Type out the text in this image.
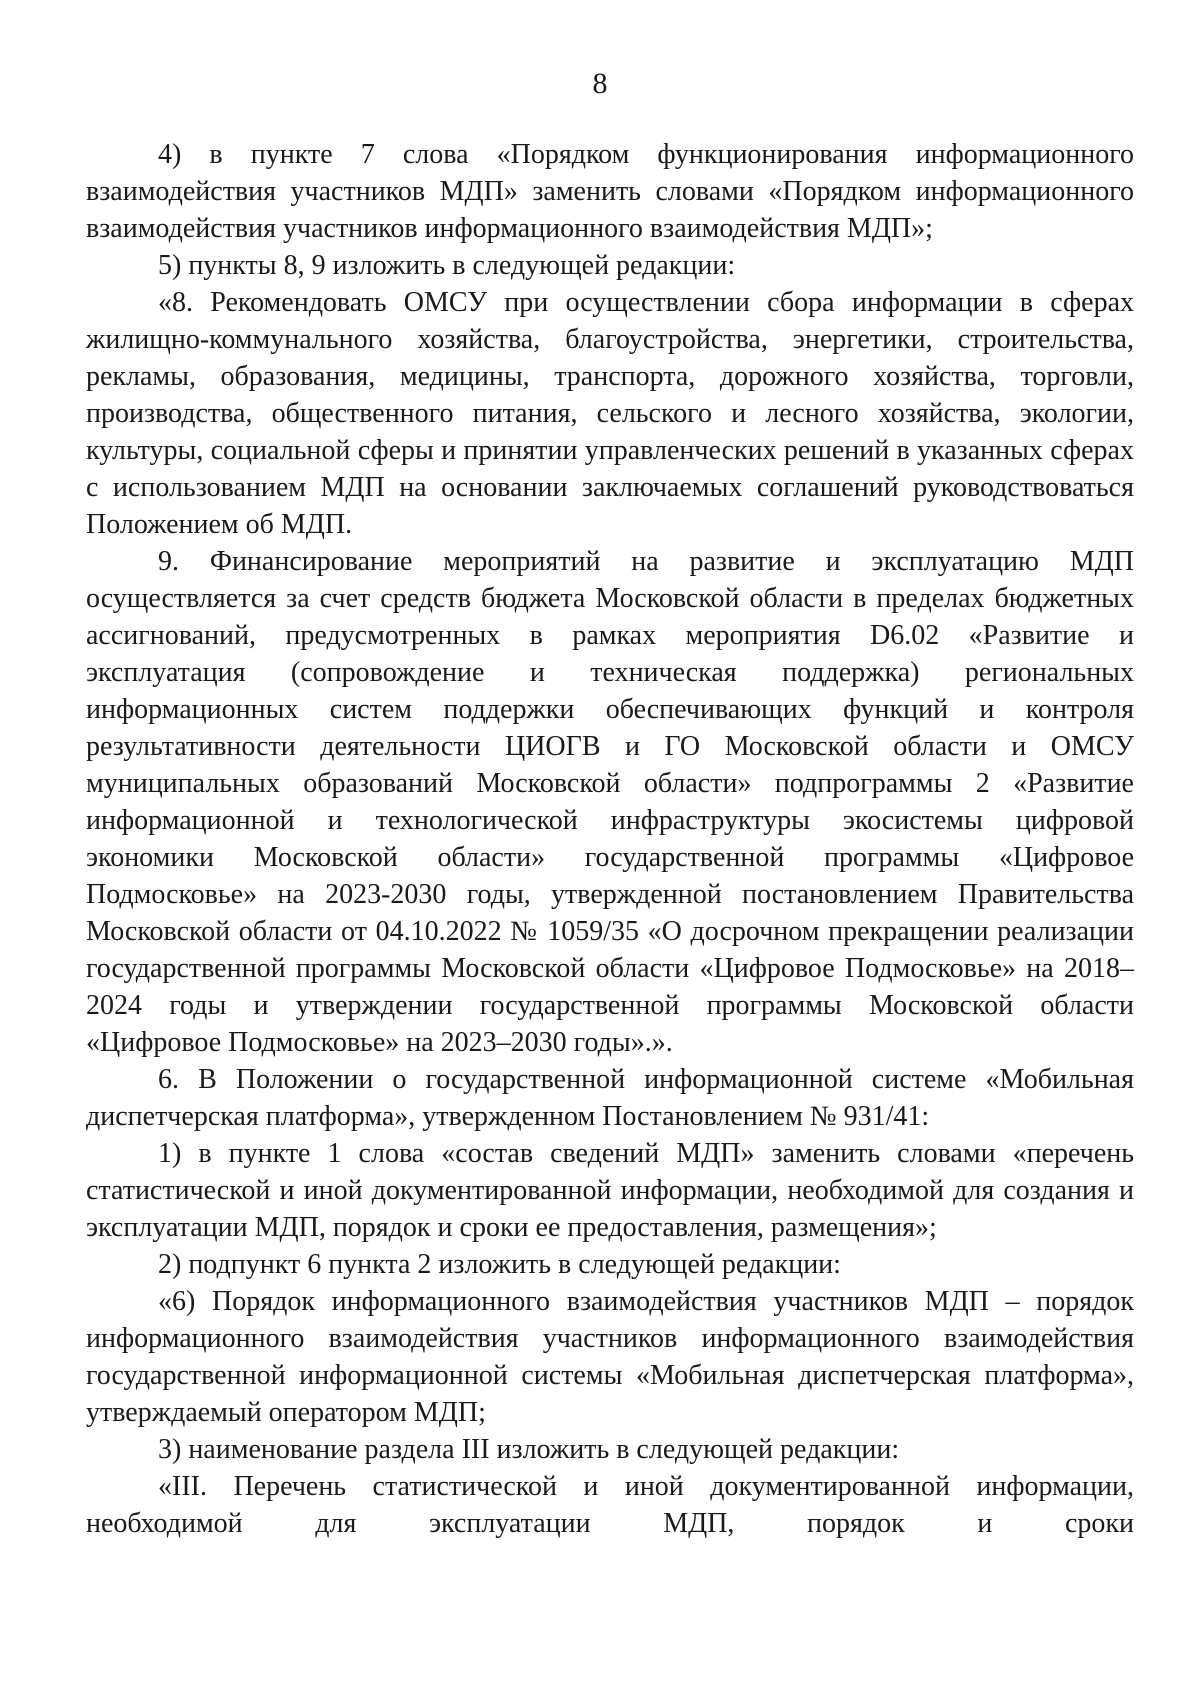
8

4) в пункте 7 слова «Порядком функционирования информационного взаимодействия участников МДП» заменить словами «Порядком информационного взаимодействия участников информационного взаимодействия МДП»;

5) пункты 8, 9 изложить в следующей редакции:

«8. Рекомендовать ОМСУ при осуществлении сбора информации в сферах жилищно-коммунального хозяйства, благоустройства, энергетики, строительства, рекламы, образования, медицины, транспорта, дорожного хозяйства, торговли, производства, общественного питания, сельского и лесного хозяйства, экологии, культуры, социальной сферы и принятии управленческих решений в указанных сферах с использованием МДП на основании заключаемых соглашений руководствоваться Положением об МДП.

9. Финансирование мероприятий на развитие и эксплуатацию МДП осуществляется за счет средств бюджета Московской области в пределах бюджетных ассигнований, предусмотренных в рамках мероприятия D6.02 «Развитие и эксплуатация (сопровождение и техническая поддержка) региональных информационных систем поддержки обеспечивающих функций и контроля результативности деятельности ЦИОГВ и ГО Московской области и ОМСУ муниципальных образований Московской области» подпрограммы 2 «Развитие информационной и технологической инфраструктуры экосистемы цифровой экономики Московской области» государственной программы «Цифровое Подмосковье» на 2023-2030 годы, утвержденной постановлением Правительства Московской области от 04.10.2022 № 1059/35 «О досрочном прекращении реализации государственной программы Московской области «Цифровое Подмосковье» на 2018–2024 годы и утверждении государственной программы Московской области «Цифровое Подмосковье» на 2023–2030 годы».».

6. В Положении о государственной информационной системе «Мобильная диспетчерская платформа», утвержденном Постановлением № 931/41:

1) в пункте 1 слова «состав сведений МДП» заменить словами «перечень статистической и иной документированной информации, необходимой для создания и эксплуатации МДП, порядок и сроки ее предоставления, размещения»;

2) подпункт 6 пункта 2 изложить в следующей редакции:

«6) Порядок информационного взаимодействия участников МДП – порядок информационного взаимодействия участников информационного взаимодействия государственной информационной системы «Мобильная диспетчерская платформа», утверждаемый оператором МДП;

3) наименование раздела III изложить в следующей редакции:

«III. Перечень статистической и иной документированной информации, необходимой для эксплуатации МДП, порядок и сроки
